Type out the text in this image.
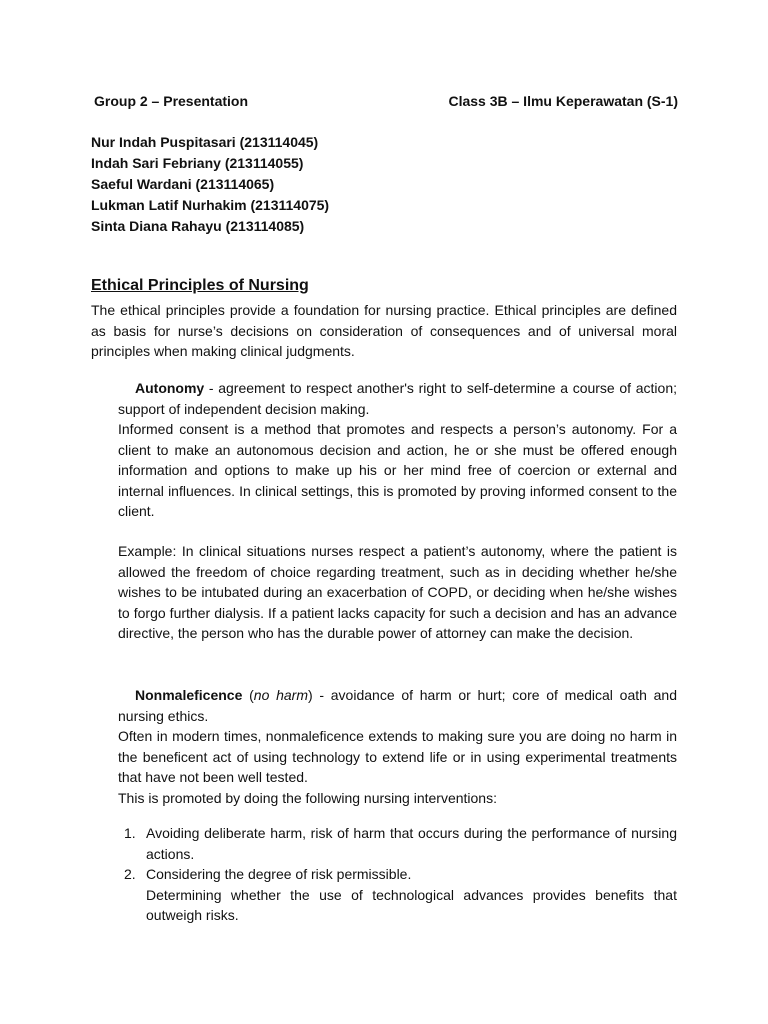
Group 2 – Presentation	Class 3B – Ilmu Keperawatan (S-1)
Nur Indah Puspitasari (213114045)
Indah Sari Febriany (213114055)
Saeful Wardani (213114065)
Lukman Latif Nurhakim (213114075)
Sinta Diana Rahayu (213114085)
Ethical Principles of Nursing
The ethical principles provide a foundation for nursing practice. Ethical principles are defined as basis for nurse’s decisions on consideration of consequences and of universal moral principles when making clinical judgments.

Autonomy - agreement to respect another's right to self-determine a course of action; support of independent decision making.

Informed consent is a method that promotes and respects a person’s autonomy. For a client to make an autonomous decision and action, he or she must be offered enough information and options to make up his or her mind free of coercion or external and internal influences. In clinical settings, this is promoted by proving informed consent to the client.

Example: In clinical situations nurses respect a patient’s autonomy, where the patient is allowed the freedom of choice regarding treatment, such as in deciding whether he/she wishes to be intubated during an exacerbation of COPD, or deciding when he/she wishes to forgo further dialysis. If a patient lacks capacity for such a decision and has an advance directive, the person who has the durable power of attorney can make the decision.

Nonmaleficence (no harm) - avoidance of harm or hurt; core of medical oath and nursing ethics.

Often in modern times, nonmaleficence extends to making sure you are doing no harm in the beneficent act of using technology to extend life or in using experimental treatments that have not been well tested.

This is promoted by doing the following nursing interventions:

1. Avoiding deliberate harm, risk of harm that occurs during the performance of nursing actions.

2. Considering the degree of risk permissible.

Determining whether the use of technological advances provides benefits that outweigh risks.
